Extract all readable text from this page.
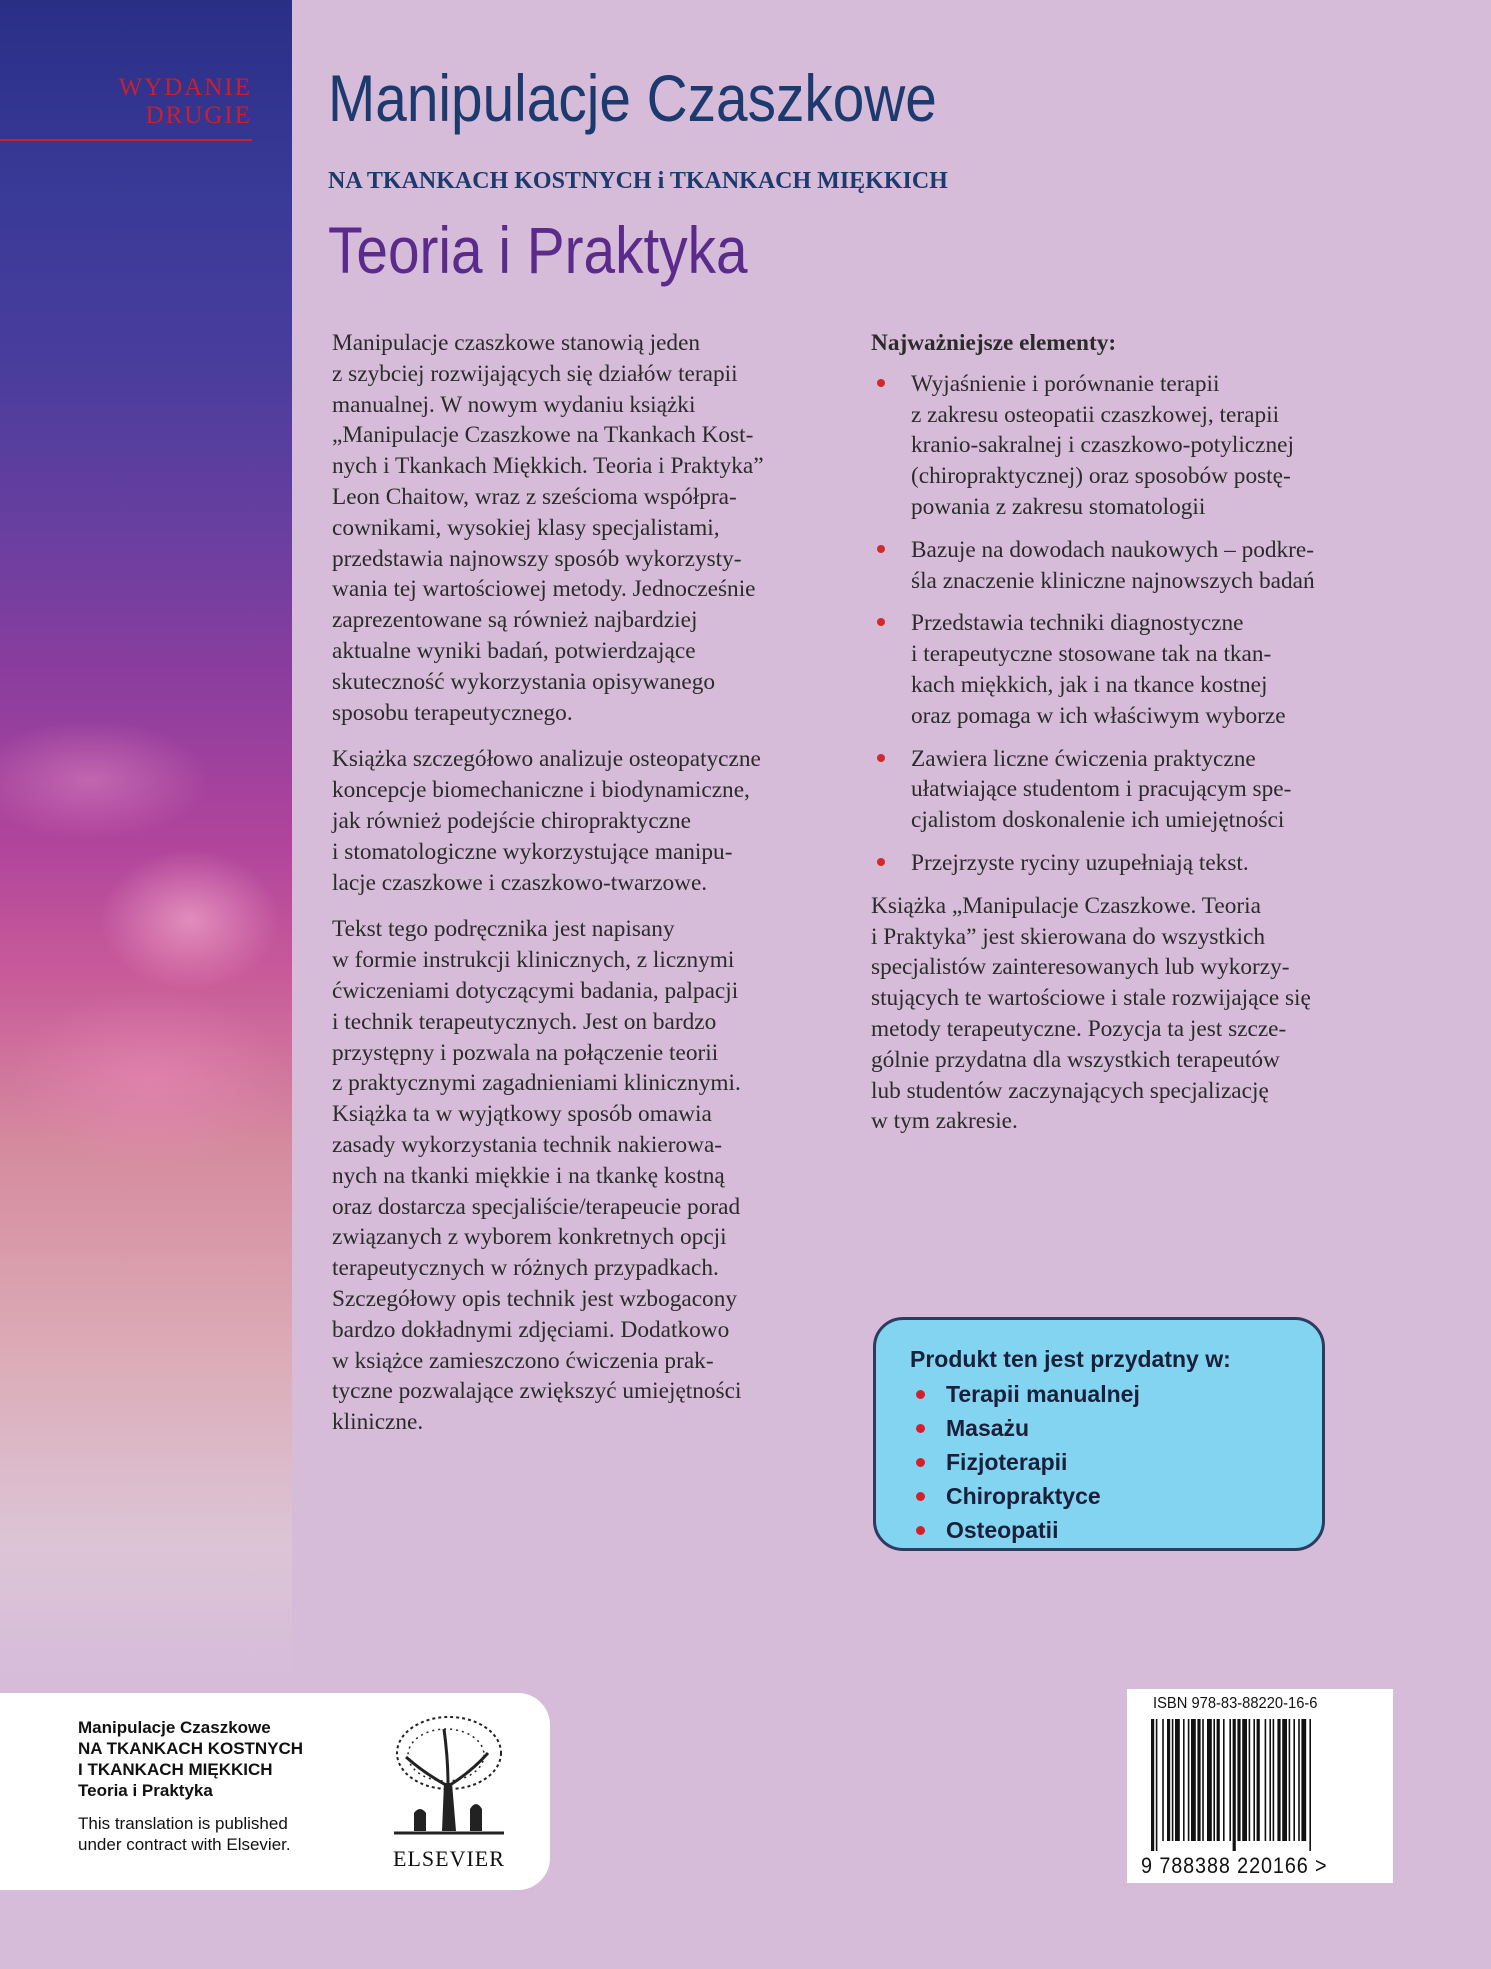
WYDANIE
DRUGIE Manipulacje Czaszkowe
NA TKANKACH KOSTNYCH i TKANKACH MIĘKKICH
Teoria i Praktyka

Manipulacje czaszkowe stanowią jeden
z szybciej rozwijających się działów terapii
manualnej. W nowym wydaniu książki
„Manipulacje Czaszkowe na Tkankach Kost-
nych i Tkankach Miękkich. Teoria i Praktyka”
Leon Chaitow, wraz z sześcioma współpra-
cownikami, wysokiej klasy specjalistami,
przedstawia najnowszy sposób wykorzysty-
wania tej wartościowej metody. Jednocześnie
zaprezentowane są również najbardziej
aktualne wyniki badań, potwierdzające
skuteczność wykorzystania opisywanego
sposobu terapeutycznego.

Książka szczegółowo analizuje osteopatyczne
koncepcje biomechaniczne i biodynamiczne,
jak również podejście chiropraktyczne
i stomatologiczne wykorzystujące manipu-
lacje czaszkowe i czaszkowo-twarzowe.

Tekst tego podręcznika jest napisany
w formie instrukcji klinicznych, z licznymi
ćwiczeniami dotyczącymi badania, palpacji
i technik terapeutycznych. Jest on bardzo
przystępny i pozwala na połączenie teorii
z praktycznymi zagadnieniami klinicznymi.
Książka ta w wyjątkowy sposób omawia
zasady wykorzystania technik nakierowa-
nych na tkanki miękkie i na tkankę kostną
oraz dostarcza specjaliście/terapeucie porad
związanych z wyborem konkretnych opcji
terapeutycznych w różnych przypadkach.
Szczegółowy opis technik jest wzbogacony
bardzo dokładnymi zdjęciami. Dodatkowo
w książce zamieszczono ćwiczenia prak-
tyczne pozwalające zwiększyć umiejętności
kliniczne.

Najważniejsze elementy:
Wyjaśnienie i porównanie terapii
z zakresu osteopatii czaszkowej, terapii
kranio-sakralnej i czaszkowo-potylicznej
(chiropraktycznej) oraz sposobów postę-
powania z zakresu stomatologii
Bazuje na dowodach naukowych – podkre-
śla znaczenie kliniczne najnowszych badań
Przedstawia techniki diagnostyczne
i terapeutyczne stosowane tak na tkan-
kach miękkich, jak i na tkance kostnej
oraz pomaga w ich właściwym wyborze
Zawiera liczne ćwiczenia praktyczne
ułatwiające studentom i pracującym spe-
cjalistom doskonalenie ich umiejętności
Przejrzyste ryciny uzupełniają tekst.

Książka „Manipulacje Czaszkowe. Teoria
i Praktyka” jest skierowana do wszystkich
specjalistów zainteresowanych lub wykorzy-
stujących te wartościowe i stale rozwijające się
metody terapeutyczne. Pozycja ta jest szcze-
gólnie przydatna dla wszystkich terapeutów
lub studentów zaczynających specjalizację
w tym zakresie.

Produkt ten jest przydatny w:
Terapii manualnej
Masażu
Fizjoterapii
Chiropraktyce
Osteopatii
Manipulacje Czaszkowe
NA TKANKACH KOSTNYCH
I TKANKACH MIĘKKICH
Teoria i Praktyka
This translation is published
under contract with Elsevier.
ELSEVIER
ISBN 978-83-88220-16-6
9 788388 220166 >
